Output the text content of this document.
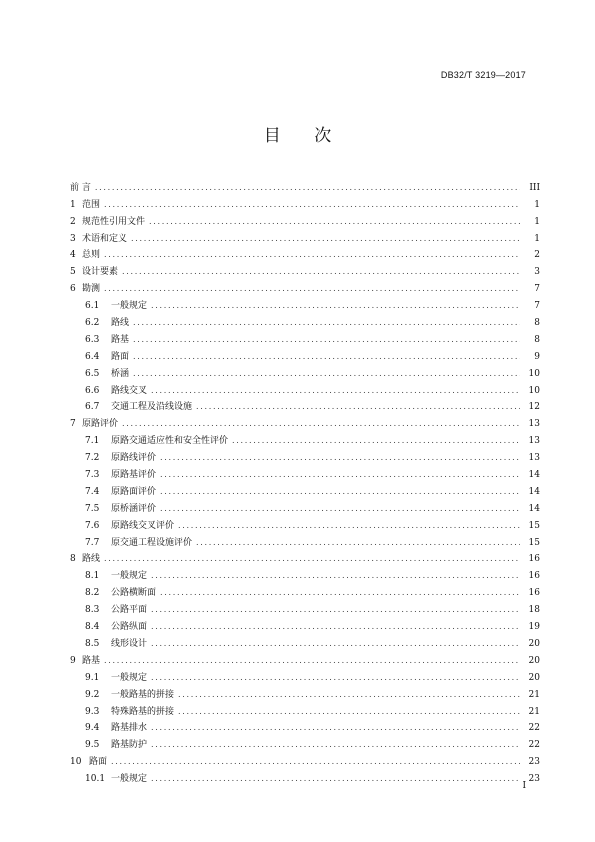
DB32/T 3219—2017
目 次
前 言 .....	III
1 范围 .....	1
2 规范性引用文件 .....	1
3 术语和定义 .....	1
4 总则 .....	2
5 设计要素 .....	3
6 勘测 .....	7
6.1	一般规定 .....	7
6.2	路线 .....	8
6.3	路基 .....	8
6.4	路面 .....	9
6.5	桥涵 .....	10
6.6	路线交叉 .....	10
6.7	交通工程及沿线设施 .....	12
7 原路评价 .....	13
7.1	原路交通适应性和安全性评价 .....	13
7.2	原路线评价 .....	13
7.3	原路基评价 .....	14
7.4	原路面评价 .....	14
7.5	原桥涵评价 .....	14
7.6	原路线交叉评价 .....	15
7.7	原交通工程设施评价 .....	15
8 路线 .....	16
8.1	一般规定 .....	16
8.2	公路横断面 .....	16
8.3	公路平面 .....	18
8.4	公路纵面 .....	19
8.5	线形设计 .....	20
9 路基 .....	20
9.1	一般规定 .....	20
9.2	一般路基的拼接 .....	21
9.3	特殊路基的拼接 .....	21
9.4	路基排水 .....	22
9.5	路基防护 .....	22
10 路面 .....	23
10.1 一般规定 .....	23
I
